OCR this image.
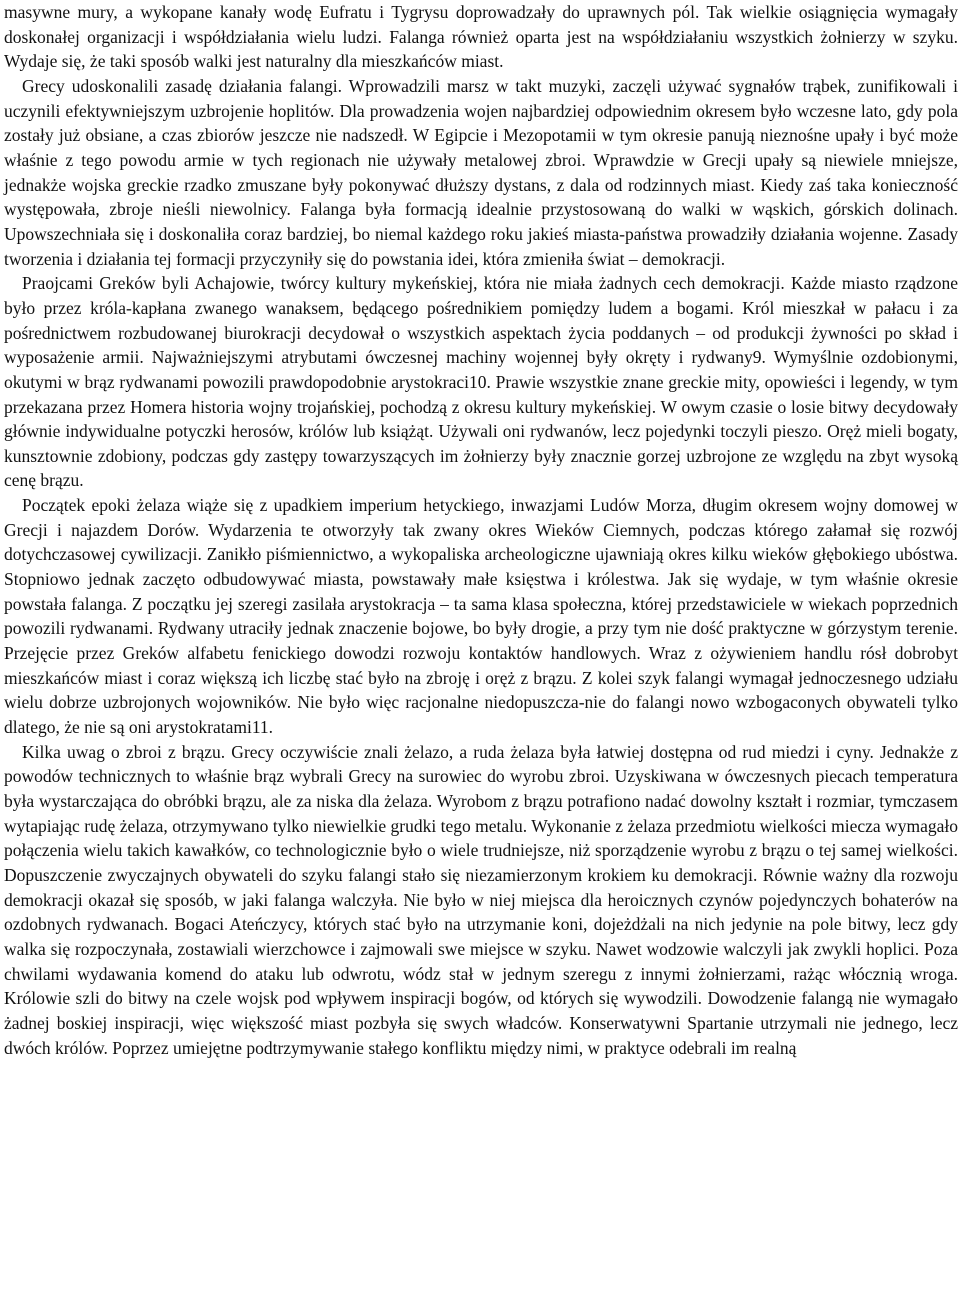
masywne mury, a wykopane kanały wodę Eufratu i Tygrysu doprowadzały do uprawnych pól. Tak wielkie osiągnięcia wymagały doskonałej organizacji i współdziałania wielu ludzi. Falanga również oparta jest na współdziałaniu wszystkich żołnierzy w szyku. Wydaje się, że taki sposób walki jest naturalny dla mieszkańców miast.

Grecy udoskonalili zasadę działania falangi. Wprowadzili marsz w takt muzyki, zaczęli używać sygnałów trąbek, zunifikowali i uczynili efektywniejszym uzbrojenie hoplitów. Dla prowadzenia wojen najbardziej odpowiednim okresem było wczesne lato, gdy pola zostały już obsiane, a czas zbiorów jeszcze nie nadszedł. W Egipcie i Mezopotamii w tym okresie panują nieznośne upały i być może właśnie z tego powodu armie w tych regionach nie używały metalowej zbroi. Wprawdzie w Grecji upały są niewiele mniejsze, jednakże wojska greckie rzadko zmuszane były pokonywać dłuższy dystans, z dala od rodzinnych miast. Kiedy zaś taka konieczność występowała, zbroje nieśli niewolnicy. Falanga była formacją idealnie przystosowaną do walki w wąskich, górskich dolinach. Upowszechniała się i doskonaliła coraz bardziej, bo niemal każdego roku jakieś miasta-państwa prowadziły działania wojenne. Zasady tworzenia i działania tej formacji przyczyniły się do powstania idei, która zmieniła świat – demokracji.

Praojcami Greków byli Achajowie, twórcy kultury mykeńskiej, która nie miała żadnych cech demokracji. Każde miasto rządzone było przez króla-kapłana zwanego wanaksem, będącego pośrednikiem pomiędzy ludem a bogami. Król mieszkał w pałacu i za pośrednictwem rozbudowanej biurokracji decydował o wszystkich aspektach życia poddanych – od produkcji żywności po skład i wyposażenie armii. Najważniejszymi atrybutami ówczesnej machiny wojennej były okręty i rydwany9. Wymyślnie ozdobionymi, okutymi w brąz rydwanami powozili prawdopodobnie arystokraci10. Prawie wszystkie znane greckie mity, opowieści i legendy, w tym przekazana przez Homera historia wojny trojańskiej, pochodzą z okresu kultury mykeńskiej. W owym czasie o losie bitwy decydowały głównie indywidualne potyczki herosów, królów lub książąt. Używali oni rydwanów, lecz pojedynki toczyli pieszo. Oręż mieli bogaty, kunsztownie zdobiony, podczas gdy zastępy towarzyszących im żołnierzy były znacznie gorzej uzbrojone ze względu na zbyt wysoką cenę brązu.

Początek epoki żelaza wiąże się z upadkiem imperium hetyckiego, inwazjami Ludów Morza, długim okresem wojny domowej w Grecji i najazdem Dorów. Wydarzenia te otworzyły tak zwany okres Wieków Ciemnych, podczas którego załamał się rozwój dotychczasowej cywilizacji. Zanikło piśmiennictwo, a wykopaliska archeologiczne ujawniają okres kilku wieków głębokiego ubóstwa. Stopniowo jednak zaczęto odbudowywać miasta, powstawały małe księstwa i królestwa. Jak się wydaje, w tym właśnie okresie powstała falanga. Z początku jej szeregi zasilała arystokracja – ta sama klasa społeczna, której przedstawiciele w wiekach poprzednich powozili rydwanami. Rydwany utraciły jednak znaczenie bojowe, bo były drogie, a przy tym nie dość praktyczne w górzystym terenie. Przejęcie przez Greków alfabetu fenickiego dowodzi rozwoju kontaktów handlowych. Wraz z ożywieniem handlu rósł dobrobyt mieszkańców miast i coraz większą ich liczbę stać było na zbroję i oręż z brązu. Z kolei szyk falangi wymagał jednoczesnego udziału wielu dobrze uzbrojonych wojowników. Nie było więc racjonalne niedopuszcza-nie do falangi nowo wzbogaconych obywateli tylko dlatego, że nie są oni arystokratami11.

Kilka uwag o zbroi z brązu. Grecy oczywiście znali żelazo, a ruda żelaza była łatwiej dostępna od rud miedzi i cyny. Jednakże z powodów technicznych to właśnie brąz wybrali Grecy na surowiec do wyrobu zbroi. Uzyskiwana w ówczesnych piecach temperatura była wystarczająca do obróbki brązu, ale za niska dla żelaza. Wyrobom z brązu potrafiono nadać dowolny kształt i rozmiar, tymczasem wytapiając rudę żelaza, otrzymywano tylko niewielkie grudki tego metalu. Wykonanie z żelaza przedmiotu wielkości miecza wymagało połączenia wielu takich kawałków, co technologicznie było o wiele trudniejsze, niż sporządzenie wyrobu z brązu o tej samej wielkości. Dopuszczenie zwyczajnych obywateli do szyku falangi stało się niezamierzonym krokiem ku demokracji. Równie ważny dla rozwoju demokracji okazał się sposób, w jaki falanga walczyła. Nie było w niej miejsca dla heroicznych czynów pojedynczych bohaterów na ozdobnych rydwanach. Bogaci Ateńczycy, których stać było na utrzymanie koni, dojeżdżali na nich jedynie na pole bitwy, lecz gdy walka się rozpoczynała, zostawiali wierzchowce i zajmowali swe miejsce w szyku. Nawet wodzowie walczyli jak zwykli hoplici. Poza chwilami wydawania komend do ataku lub odwrotu, wódz stał w jednym szeregu z innymi żołnierzami, rażąc włócznią wroga. Królowie szli do bitwy na czele wojsk pod wpływem inspiracji bogów, od których się wywodzili. Dowodzenie falangą nie wymagało żadnej boskiej inspiracji, więc większość miast pozbyła się swych władców. Konserwatywni Spartanie utrzymali nie jednego, lecz dwóch królów. Poprzez umiejętne podtrzymywanie stałego konfliktu między nimi, w praktyce odebrali im realną
